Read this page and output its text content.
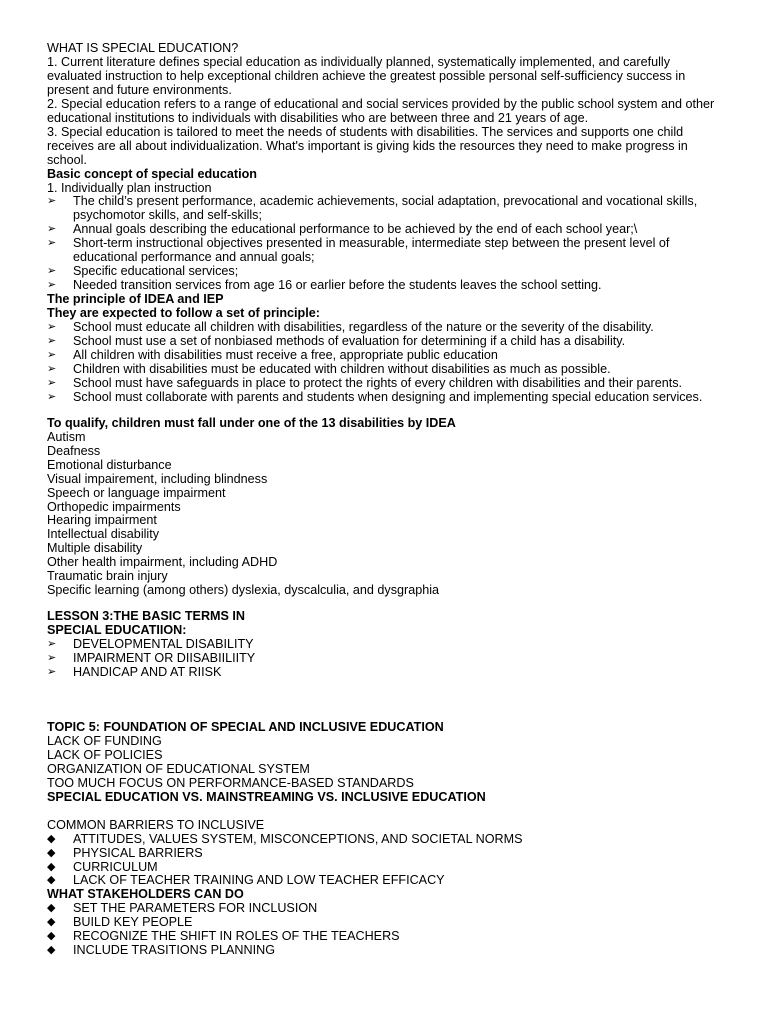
WHAT IS SPECIAL EDUCATION?
1. Current literature defines special education as individually planned, systematically implemented, and carefully evaluated instruction to help exceptional children achieve the greatest possible personal self-sufficiency success in present and future environments.
2. Special education refers to a range of educational and social services provided by the public school system and other educational institutions to individuals with disabilities who are between three and 21 years of age.
3. Special education is tailored to meet the needs of students with disabilities. The services and supports one child receives are all about individualization. What's important is giving kids the resources they need to make progress in school.
Basic concept of special education
1. Individually plan instruction
➢ The child’s present performance, academic achievements, social adaptation, prevocational and vocational skills, psychomotor skills, and self-skills;
➢ Annual goals describing the educational performance to be achieved by the end of each school year;\
➢ Short-term instructional objectives presented in measurable, intermediate step between the present level of educational performance and annual goals;
➢ Specific educational services;
➢ Needed transition services from age 16 or earlier before the students leaves the school setting.
The principle of IDEA and IEP
They are expected to follow a set of principle:
➢ School must educate all children with disabilities, regardless of the nature or the severity of the disability.
➢ School must use a set of nonbiased methods of evaluation for determining if a child has a disability.
➢ All children with disabilities must receive a free, appropriate public education
➢ Children with disabilities must be educated with children without disabilities as much as possible.
➢ School must have safeguards in place to protect the rights of every children with disabilities and their parents.
➢ School must collaborate with parents and students when designing and implementing special education services.
To qualify, children must fall under one of the 13 disabilities by IDEA
Autism
Deafness
Emotional disturbance
Visual impairement, including blindness
Speech or language impairment
Orthopedic impairments
Hearing impairment
Intellectual disability
Multiple disability
Other health impairment, including ADHD
Traumatic brain injury
Specific learning (among others) dyslexia, dyscalculia, and dysgraphia
LESSON 3:THE BASIC TERMS IN
SPECIAL EDUCATIION:
➢ DEVELOPMENTAL DISABILITY
➢ IMPAIRMENT OR DIISABIILIITY
➢ HANDICAP AND AT RIISK
TOPIC 5: FOUNDATION OF SPECIAL AND INCLUSIVE EDUCATION
LACK OF FUNDING
LACK OF POLICIES
ORGANIZATION OF EDUCATIONAL SYSTEM
TOO MUCH FOCUS ON PERFORMANCE-BASED STANDARDS
SPECIAL EDUCATION VS. MAINSTREAMING VS. INCLUSIVE EDUCATION
COMMON BARRIERS TO INCLUSIVE
◆ ATTITUDES, VALUES SYSTEM, MISCONCEPTIONS, AND SOCIETAL NORMS
◆ PHYSICAL BARRIERS
◆ CURRICULUM
◆ LACK OF TEACHER TRAINING AND LOW TEACHER EFFICACY
WHAT STAKEHOLDERS CAN DO
◆ SET THE PARAMETERS FOR INCLUSION
◆ BUILD KEY PEOPLE
◆ RECOGNIZE THE SHIFT IN ROLES OF THE TEACHERS
◆ INCLUDE TRASITIONS PLANNING
